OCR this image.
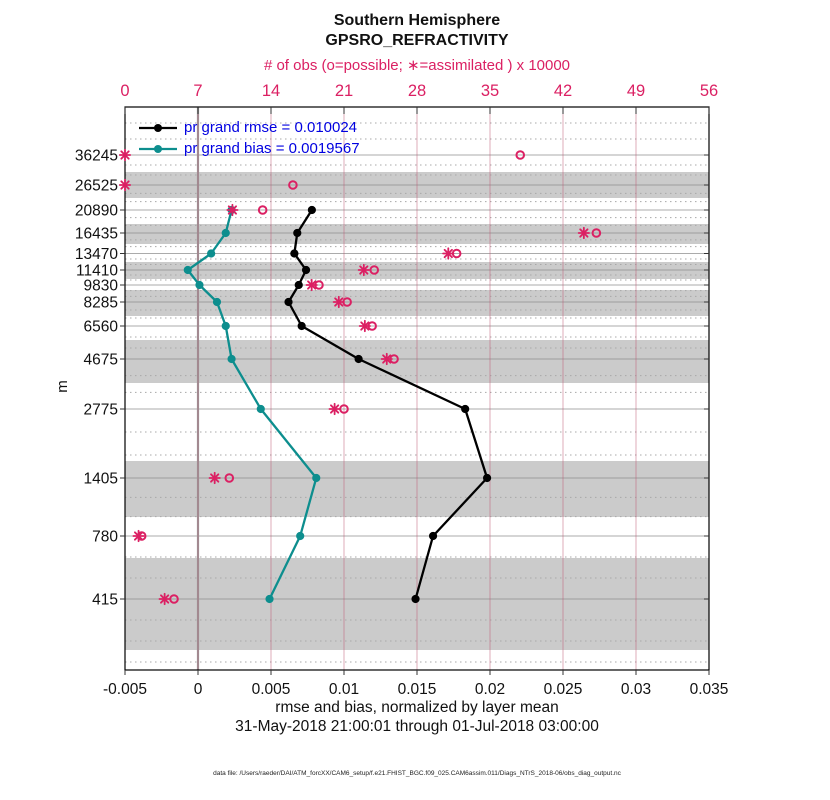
Southern Hemisphere
GPSRO_REFRACTIVITY
# of obs (o=possible; ∗=assimilated ) x 10000
0	7	14	21	28	35	42	49	56
-0.005	0	0.005 0.01 0.015 0.02 0.025 0.03 0.035
36245
26525
20890
16435
13470
11410
9830
8285
6560
4675
2775
1405
780
415
pr grand rmse = 0.010024
pr grand bias = 0.0019567
m
rmse and bias, normalized by layer mean
31-May-2018 21:00:01 through 01-Jul-2018 03:00:00
data file: /Users/raeder/DAI/ATM_forcXX/CAM6_setup/f.e21.FHIST_BGC.f09_025.CAM6assim.011/Diags_NTrS_2018-06/obs_diag_output.nc
